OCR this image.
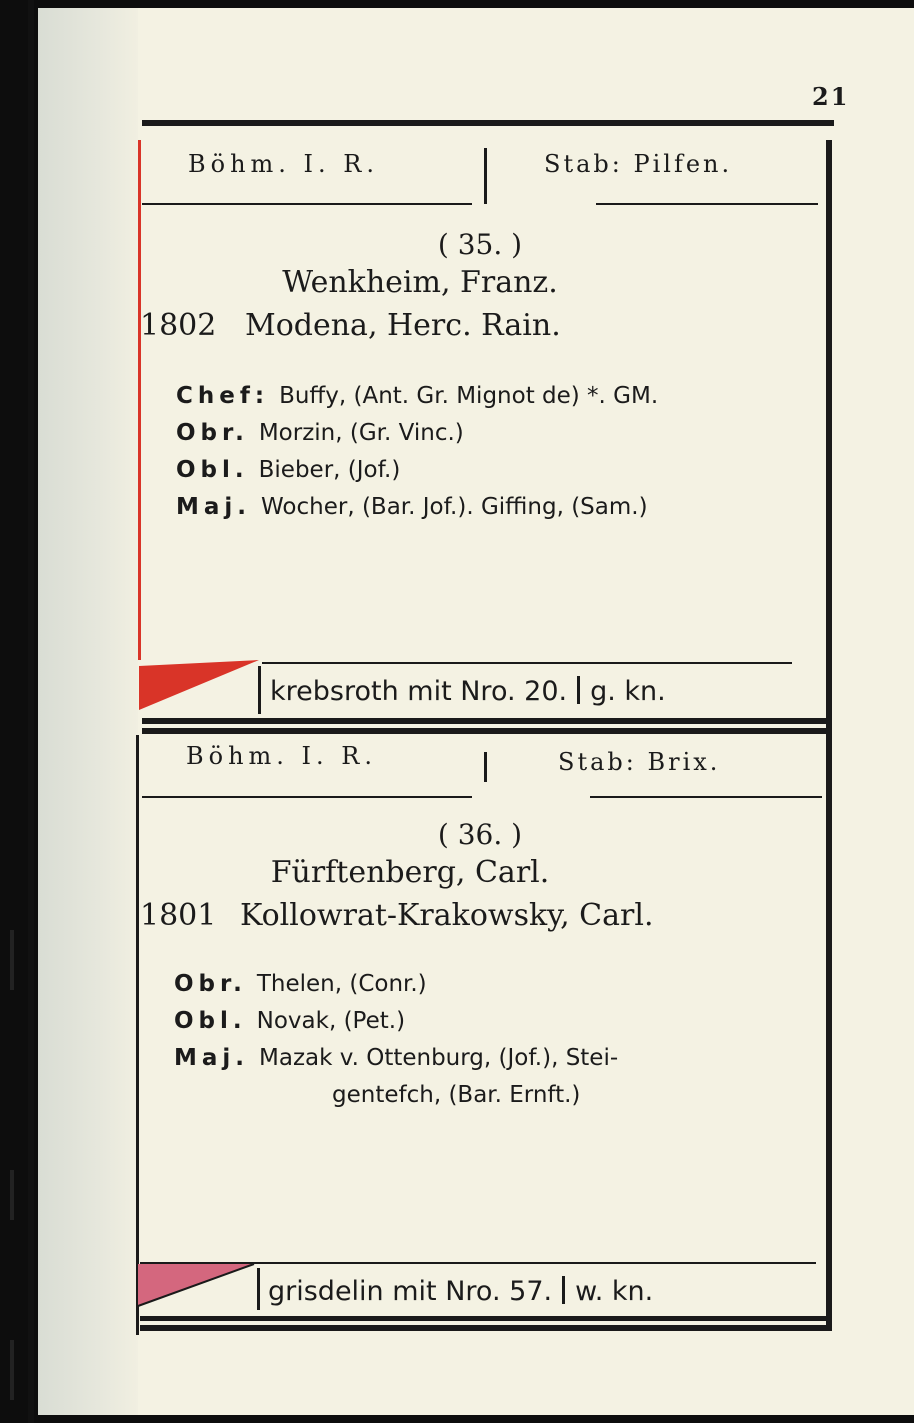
21
Böhm. I. R.	Stab: Pilfen.
( 35. )
Wenkheim, Franz.
1802 Modena, Herc. Rain.
Chef: Buffy, (Ant. Gr. Mignot de) *. GM.
Obr. Morzin, (Gr. Vinc.)
Obl. Bieber, (Jof.)
Maj. Wocher, (Bar. Jof.). Giffing, (Sam.)
krebsroth mit Nro. 20. g. kn.
Böhm. I. R.	Stab: Brix.
( 36. )
Fürftenberg, Carl.
1801 Kollowrat-Krakowsky, Carl.
Obr. Thelen, (Conr.)
Obl. Novak, (Pet.)
Maj. Mazak v. Ottenburg, (Jof.), Stei-
gentefch, (Bar. Ernft.)
grisdelin mit Nro. 57. w. kn.
